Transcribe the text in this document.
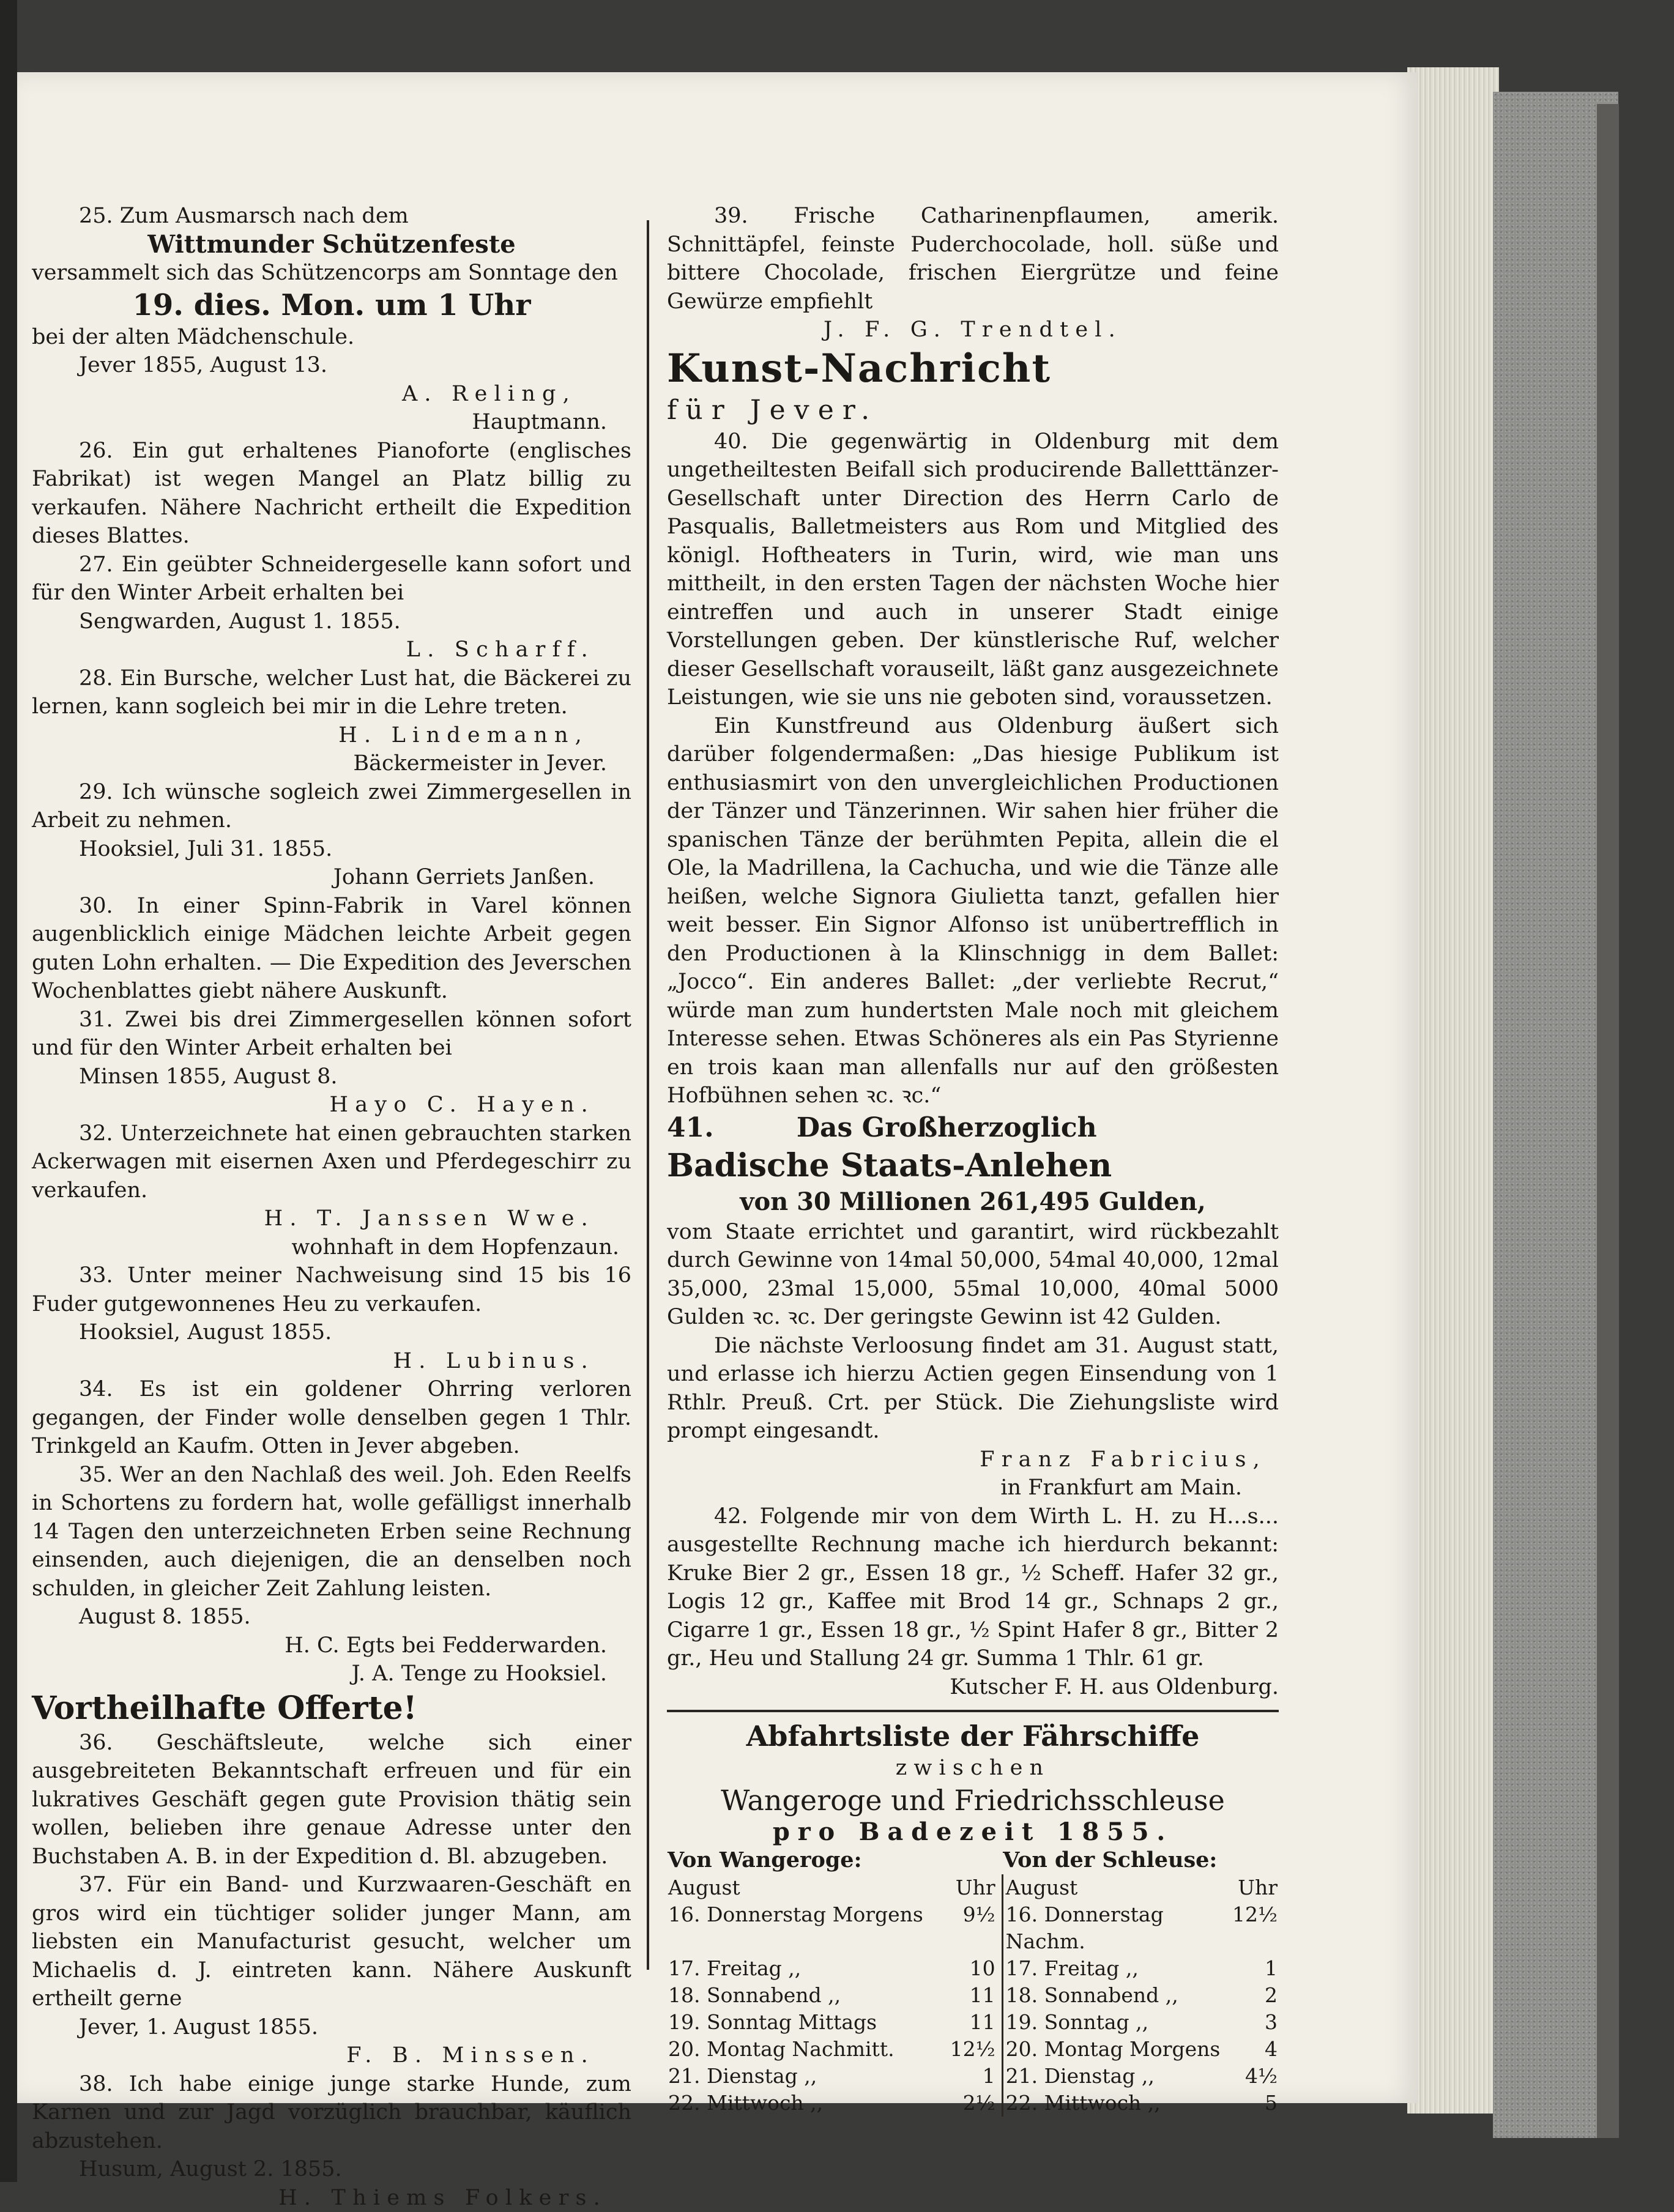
25. Zum Ausmarsch nach dem

Wittmunder Schützenfeste

versammelt sich das Schützencorps am Sonntage den

19. dies. Mon. um 1 Uhr

bei der alten Mädchenschule.

Jever 1855, August 13.

A. Reling,

Hauptmann.

26. Ein gut erhaltenes Pianoforte (englisches Fabrikat) ist wegen Mangel an Platz billig zu verkaufen. Nähere Nachricht ertheilt die Expedition dieses Blattes.

27. Ein geübter Schneidergeselle kann sofort und für den Winter Arbeit erhalten bei

Sengwarden, August 1. 1855.

L. Scharff.

28. Ein Bursche, welcher Lust hat, die Bäckerei zu lernen, kann sogleich bei mir in die Lehre treten.

H. Lindemann,

Bäckermeister in Jever.

29. Ich wünsche sogleich zwei Zimmergesellen in Arbeit zu nehmen.

Hooksiel, Juli 31. 1855.

Johann Gerriets Janßen.

30. In einer Spinn-Fabrik in Varel können augenblicklich einige Mädchen leichte Arbeit gegen guten Lohn erhalten. — Die Expedition des Jeverschen Wochenblattes giebt nähere Auskunft.

31. Zwei bis drei Zimmergesellen können sofort und für den Winter Arbeit erhalten bei

Minsen 1855, August 8.

Hayo C. Hayen.

32. Unterzeichnete hat einen gebrauchten starken Ackerwagen mit eisernen Axen und Pferdegeschirr zu verkaufen.

H. T. Janssen Wwe.

wohnhaft in dem Hopfenzaun.

33. Unter meiner Nachweisung sind 15 bis 16 Fuder gutgewonnenes Heu zu verkaufen.

Hooksiel, August 1855.

H. Lubinus.

34. Es ist ein goldener Ohrring verloren gegangen, der Finder wolle denselben gegen 1 Thlr. Trinkgeld an Kaufm. Otten in Jever abgeben.

35. Wer an den Nachlaß des weil. Joh. Eden Reelfs in Schortens zu fordern hat, wolle gefälligst innerhalb 14 Tagen den unterzeichneten Erben seine Rechnung einsenden, auch diejenigen, die an denselben noch schulden, in gleicher Zeit Zahlung leisten.

August 8. 1855.

H. C. Egts bei Fedderwarden.

J. A. Tenge zu Hooksiel.

Vortheilhafte Offerte!

36. Geschäftsleute, welche sich einer ausgebreiteten Bekanntschaft erfreuen und für ein lukratives Geschäft gegen gute Provision thätig sein wollen, belieben ihre genaue Adresse unter den Buchstaben A. B. in der Expedition d. Bl. abzugeben.

37. Für ein Band- und Kurzwaaren-Geschäft en gros wird ein tüchtiger solider junger Mann, am liebsten ein Manufacturist gesucht, welcher um Michaelis d. J. eintreten kann. Nähere Auskunft ertheilt gerne

Jever, 1. August 1855.

F. B. Minssen.

38. Ich habe einige junge starke Hunde, zum Karnen und zur Jagd vorzüglich brauchbar, käuflich abzustehen.

Husum, August 2. 1855.

H. Thiems Folkers.

39. Frische Catharinenpflaumen, amerik. Schnittäpfel, feinste Puderchocolade, holl. süße und bittere Chocolade, frischen Eiergrütze und feine Gewürze empfiehlt

J. F. G. Trendtel.

Kunst-Nachricht

für Jever.

40. Die gegenwärtig in Oldenburg mit dem ungetheiltesten Beifall sich producirende Balletttänzer-Gesellschaft unter Direction des Herrn Carlo de Pasqualis, Balletmeisters aus Rom und Mitglied des königl. Hoftheaters in Turin, wird, wie man uns mittheilt, in den ersten Tagen der nächsten Woche hier eintreffen und auch in unserer Stadt einige Vorstellungen geben. Der künstlerische Ruf, welcher dieser Gesellschaft vorauseilt, läßt ganz ausgezeichnete Leistungen, wie sie uns nie geboten sind, voraussetzen.

Ein Kunstfreund aus Oldenburg äußert sich darüber folgendermaßen: „Das hiesige Publikum ist enthusiasmirt von den unvergleichlichen Productionen der Tänzer und Tänzerinnen. Wir sahen hier früher die spanischen Tänze der berühmten Pepita, allein die el Ole, la Madrillena, la Cachucha, und wie die Tänze alle heißen, welche Signora Giulietta tanzt, gefallen hier weit besser. Ein Signor Alfonso ist unübertrefflich in den Productionen à la Klinschnigg in dem Ballet: „Jocco“. Ein anderes Ballet: „der verliebte Recrut,“ würde man zum hundertsten Male noch mit gleichem Interesse sehen. Etwas Schöneres als ein Pas Styrienne en trois kaan man allenfalls nur auf den größesten Hofbühnen sehen ꝛc. ꝛc.“

41.	Das Großherzoglich

Badische Staats-Anlehen

von 30 Millionen 261,495 Gulden,

vom Staate errichtet und garantirt, wird rückbezahlt durch Gewinne von 14mal 50,000, 54mal 40,000, 12mal 35,000, 23mal 15,000, 55mal 10,000, 40mal 5000 Gulden ꝛc. ꝛc. Der geringste Gewinn ist 42 Gulden.

Die nächste Verloosung findet am 31. August statt, und erlasse ich hierzu Actien gegen Einsendung von 1 Rthlr. Preuß. Crt. per Stück. Die Ziehungsliste wird prompt eingesandt.

Franz Fabricius,

in Frankfurt am Main.

42. Folgende mir von dem Wirth L. H. zu H...s... ausgestellte Rechnung mache ich hierdurch bekannt: Kruke Bier 2 gr., Essen 18 gr., ½ Scheff. Hafer 32 gr., Logis 12 gr., Kaffee mit Brod 14 gr., Schnaps 2 gr., Cigarre 1 gr., Essen 18 gr., ½ Spint Hafer 8 gr., Bitter 2 gr., Heu und Stallung 24 gr. Summa 1 Thlr. 61 gr.

Kutscher F. H. aus Oldenburg.

Abfahrtsliste der Fährschiffe

zwischen

Wangeroge und Friedrichsschleuse

pro Badezeit 1855.

Von Wangeroge:		Von der Schleuse:	
August	Uhr	August	Uhr
16. Donnerstag Morgens	9½	16. Donnerstag Nachm.	12½
17. Freitag ,,	10	17. Freitag ,,	1
18. Sonnabend ,,	11	18. Sonnabend ,,	2
19. Sonntag Mittags	11	19. Sonntag ,,	3
20. Montag Nachmitt.	12½	20. Montag Morgens	4
21. Dienstag ,,	1	21. Dienstag ,,	4½
22. Mittwoch ,,	2½	22. Mittwoch ,,	5
